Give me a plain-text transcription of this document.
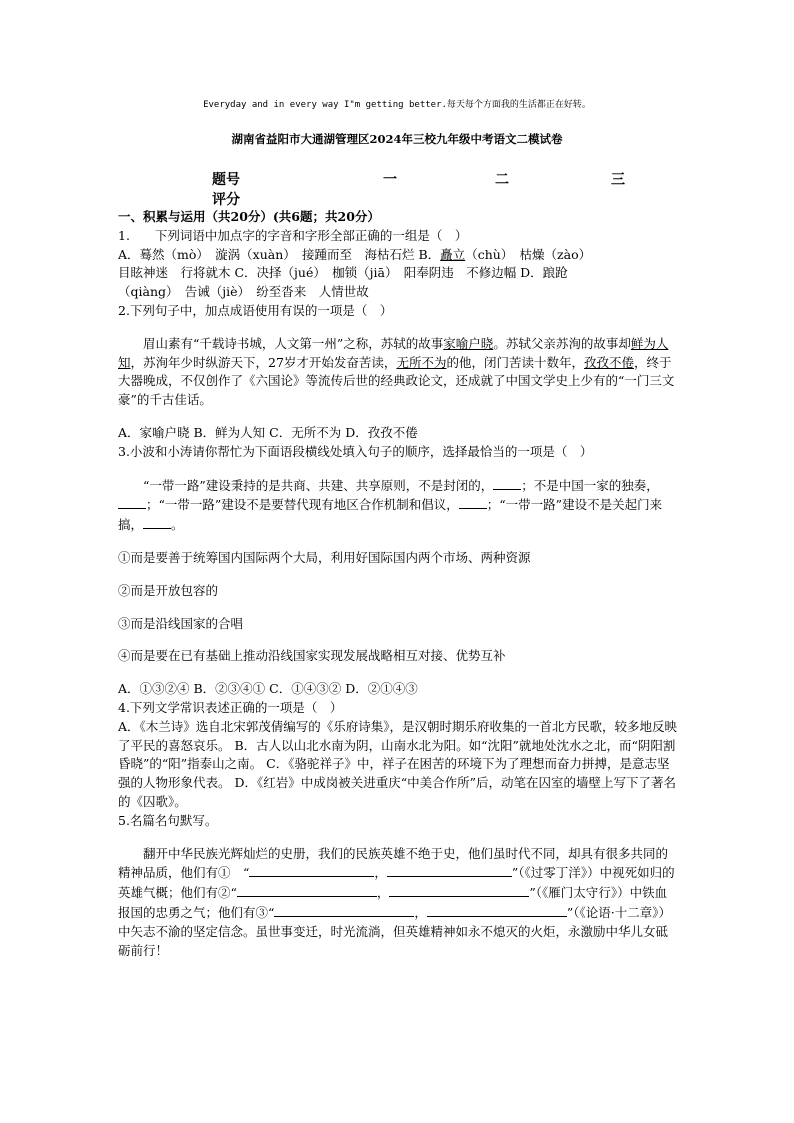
Everyday and in every way I"m getting better.每天每个方面我的生活都正在好转。
湖南省益阳市大通湖管理区2024年三校九年级中考语文二模试卷
题号	一	二	三
评分

一、积累与运用（共20分）(共6题；共20分）

1.　　下列词语中加点字的字音和字形全部正确的一组是（　）

A．蓦然（mò）　漩涡（xuàn）　接踵而至　海枯石烂 B．矗立（chù）　枯燥（zào）

目眩神迷　行将就木 C．决择（jué）　枷锁（jiā）　阳奉阴违　不修边幅 D．踉跄

（qiàng）　告诫（jiè）　纷至沓来　人情世故

2.下列句子中，加点成语使用有误的一项是（　）

眉山素有“千载诗书城，人文第一州”之称，苏轼的故事家喻户晓。苏轼父亲苏洵的故事却鲜为人知，苏洵年少时纵游天下，27岁才开始发奋苦读，无所不为的他，闭门苦读十数年，孜孜不倦，终于大器晚成，不仅创作了《六国论》等流传后世的经典政论文，还成就了中国文学史上少有的“一门三文豪”的千古佳话。

A．家喻户晓 B．鲜为人知 C．无所不为 D．孜孜不倦

3.小波和小涛请你帮忙为下面语段横线处填入句子的顺序，选择最恰当的一项是（　）

“一带一路”建设秉持的是共商、共建、共享原则，不是封闭的， ；不是中国一家的独奏，；“一带一路”建设不是要替代现有地区合作机制和倡议， ；“一带一路”建设不是关起门来搞， 。

①而是要善于统筹国内国际两个大局，利用好国际国内两个市场、两种资源

②而是开放包容的

③而是沿线国家的合唱

④而是要在已有基础上推动沿线国家实现发展战略相互对接、优势互补

A．①③②④ B．②③④① C．①④③② D．②①④③

4.下列文学常识表述正确的一项是（　）

A．《木兰诗》选自北宋郭茂倩编写的《乐府诗集》，是汉朝时期乐府收集的一首北方民歌，较多地反映了平民的喜怒哀乐。 B．古人以山北水南为阴，山南水北为阳。如“沈阳”就地处沈水之北，而“阴阳割昏晓”的“阳”指泰山之南。 C．《骆驼祥子》中，祥子在困苦的环境下为了理想而奋力拼搏，是意志坚强的人物形象代表。 D．《红岩》中成岗被关进重庆“中美合作所”后，动笔在囚室的墙壁上写下了著名的《囚歌》。

5.名篇名句默写。

翻开中华民族光辉灿烂的史册，我们的民族英雄不绝于史，他们虽时代不同，却具有很多共同的精神品质，他们有①　“	，	”（《过零丁洋》）中视死如归的英雄气概；他们有②“	，	”（《雁门太守行》）中铁血报国的忠勇之气；他们有③“	，	”（《论语·十二章》）中矢志不渝的坚定信念。虽世事变迁，时光流淌，但英雄精神如永不熄灭的火炬，永激励中华儿女砥砺前行！
